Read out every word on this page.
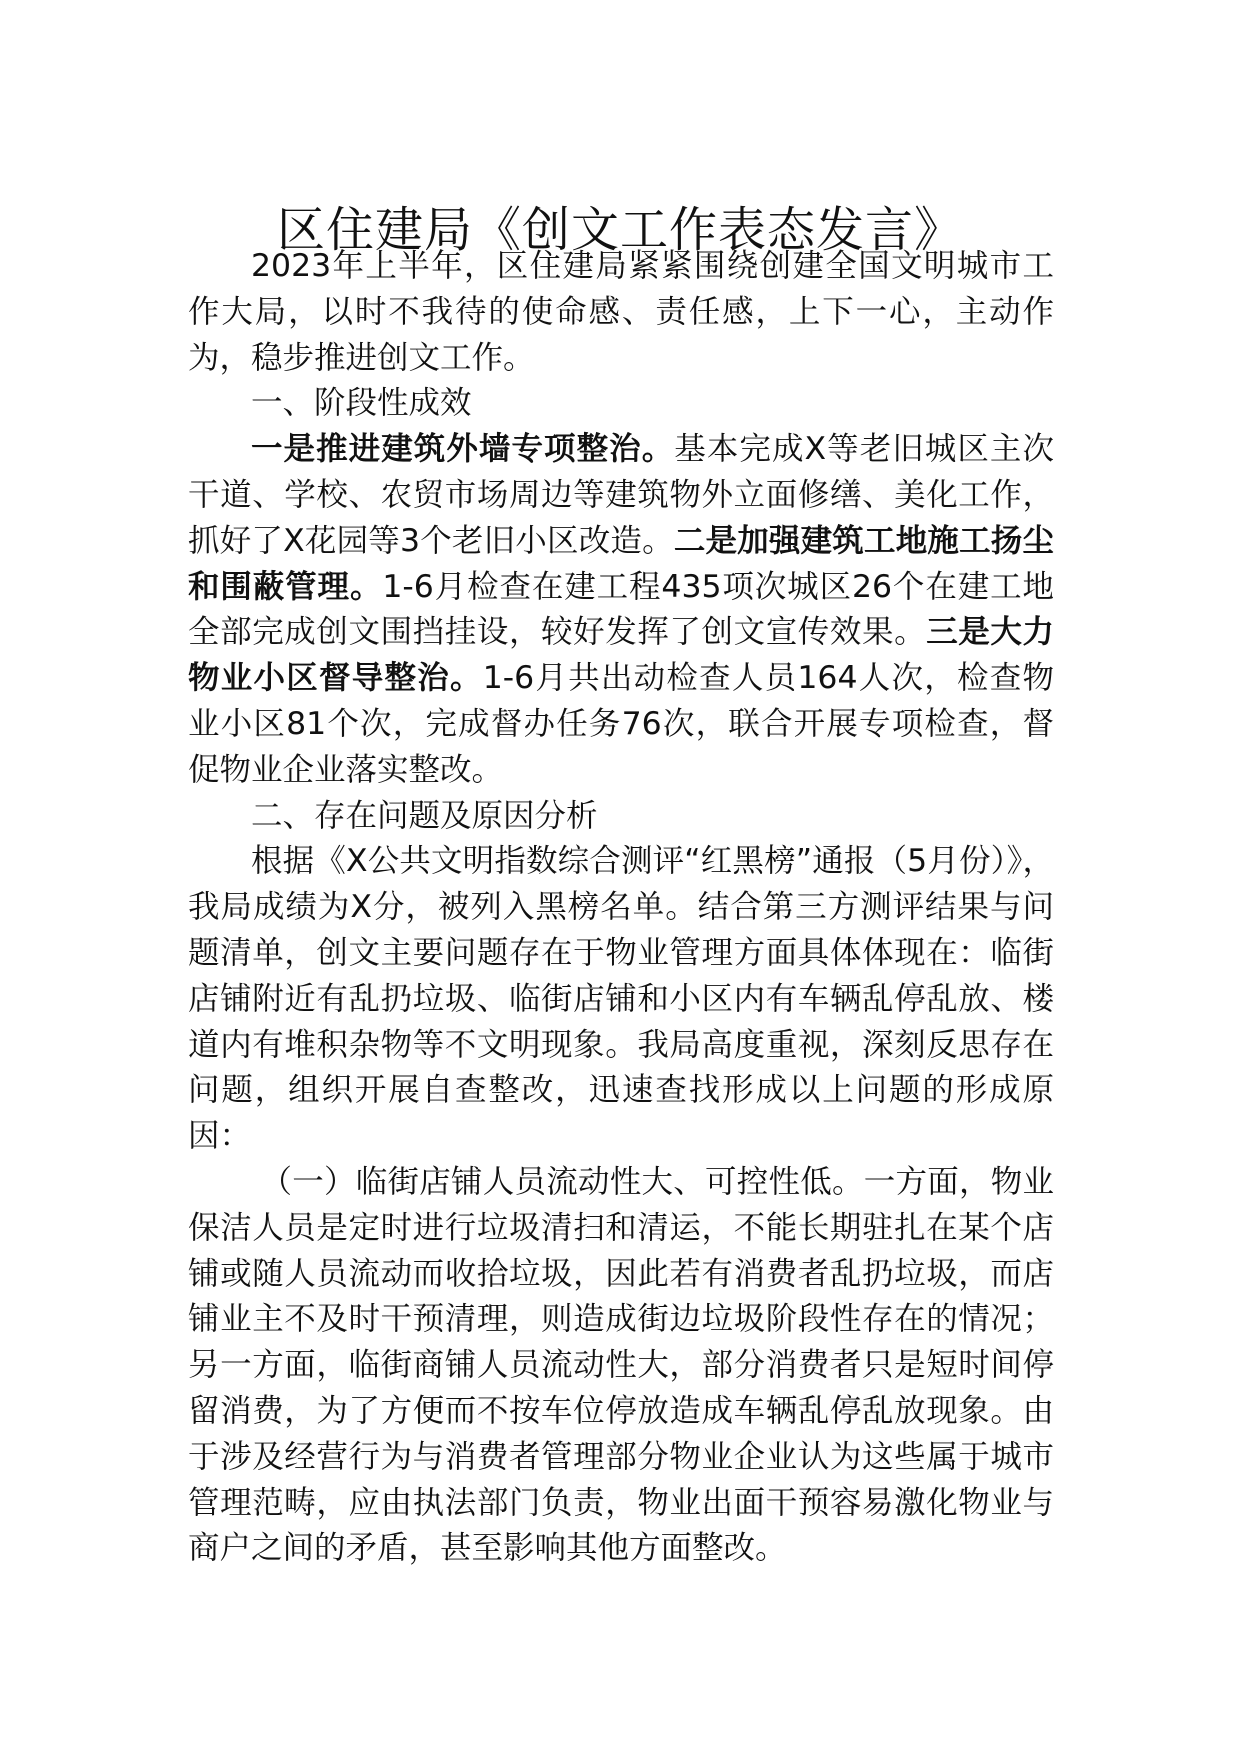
区住建局《创文工作表态发言》

2023年上半年，区住建局紧紧围绕创建全国文明城市工作大局，以时不我待的使命感、责任感，上下一心，主动作为，稳步推进创文工作。

一、阶段性成效

一是推进建筑外墙专项整治。基本完成X等老旧城区主次干道、学校、农贸市场周边等建筑物外立面修缮、美化工作，抓好了X花园等3个老旧小区改造。二是加强建筑工地施工扬尘和围蔽管理。1-6月检查在建工程435项次城区26个在建工地全部完成创文围挡挂设，较好发挥了创文宣传效果。三是大力物业小区督导整治。1-6月共出动检查人员164人次，检查物业小区81个次，完成督办任务76次，联合开展专项检查，督促物业企业落实整改。

二、存在问题及原因分析

根据《X公共文明指数综合测评“红黑榜”通报（5月份）》，我局成绩为X分，被列入黑榜名单。结合第三方测评结果与问题清单，创文主要问题存在于物业管理方面具体体现在：临街店铺附近有乱扔垃圾、临街店铺和小区内有车辆乱停乱放、楼道内有堆积杂物等不文明现象。我局高度重视，深刻反思存在问题，组织开展自查整改，迅速查找形成以上问题的形成原因：

（一）临街店铺人员流动性大、可控性低。一方面，物业保洁人员是定时进行垃圾清扫和清运，不能长期驻扎在某个店铺或随人员流动而收拾垃圾，因此若有消费者乱扔垃圾，而店铺业主不及时干预清理，则造成街边垃圾阶段性存在的情况；另一方面，临街商铺人员流动性大，部分消费者只是短时间停留消费，为了方便而不按车位停放造成车辆乱停乱放现象。由于涉及经营行为与消费者管理部分物业企业认为这些属于城市管理范畴，应由执法部门负责，物业出面干预容易激化物业与商户之间的矛盾，甚至影响其他方面整改。
